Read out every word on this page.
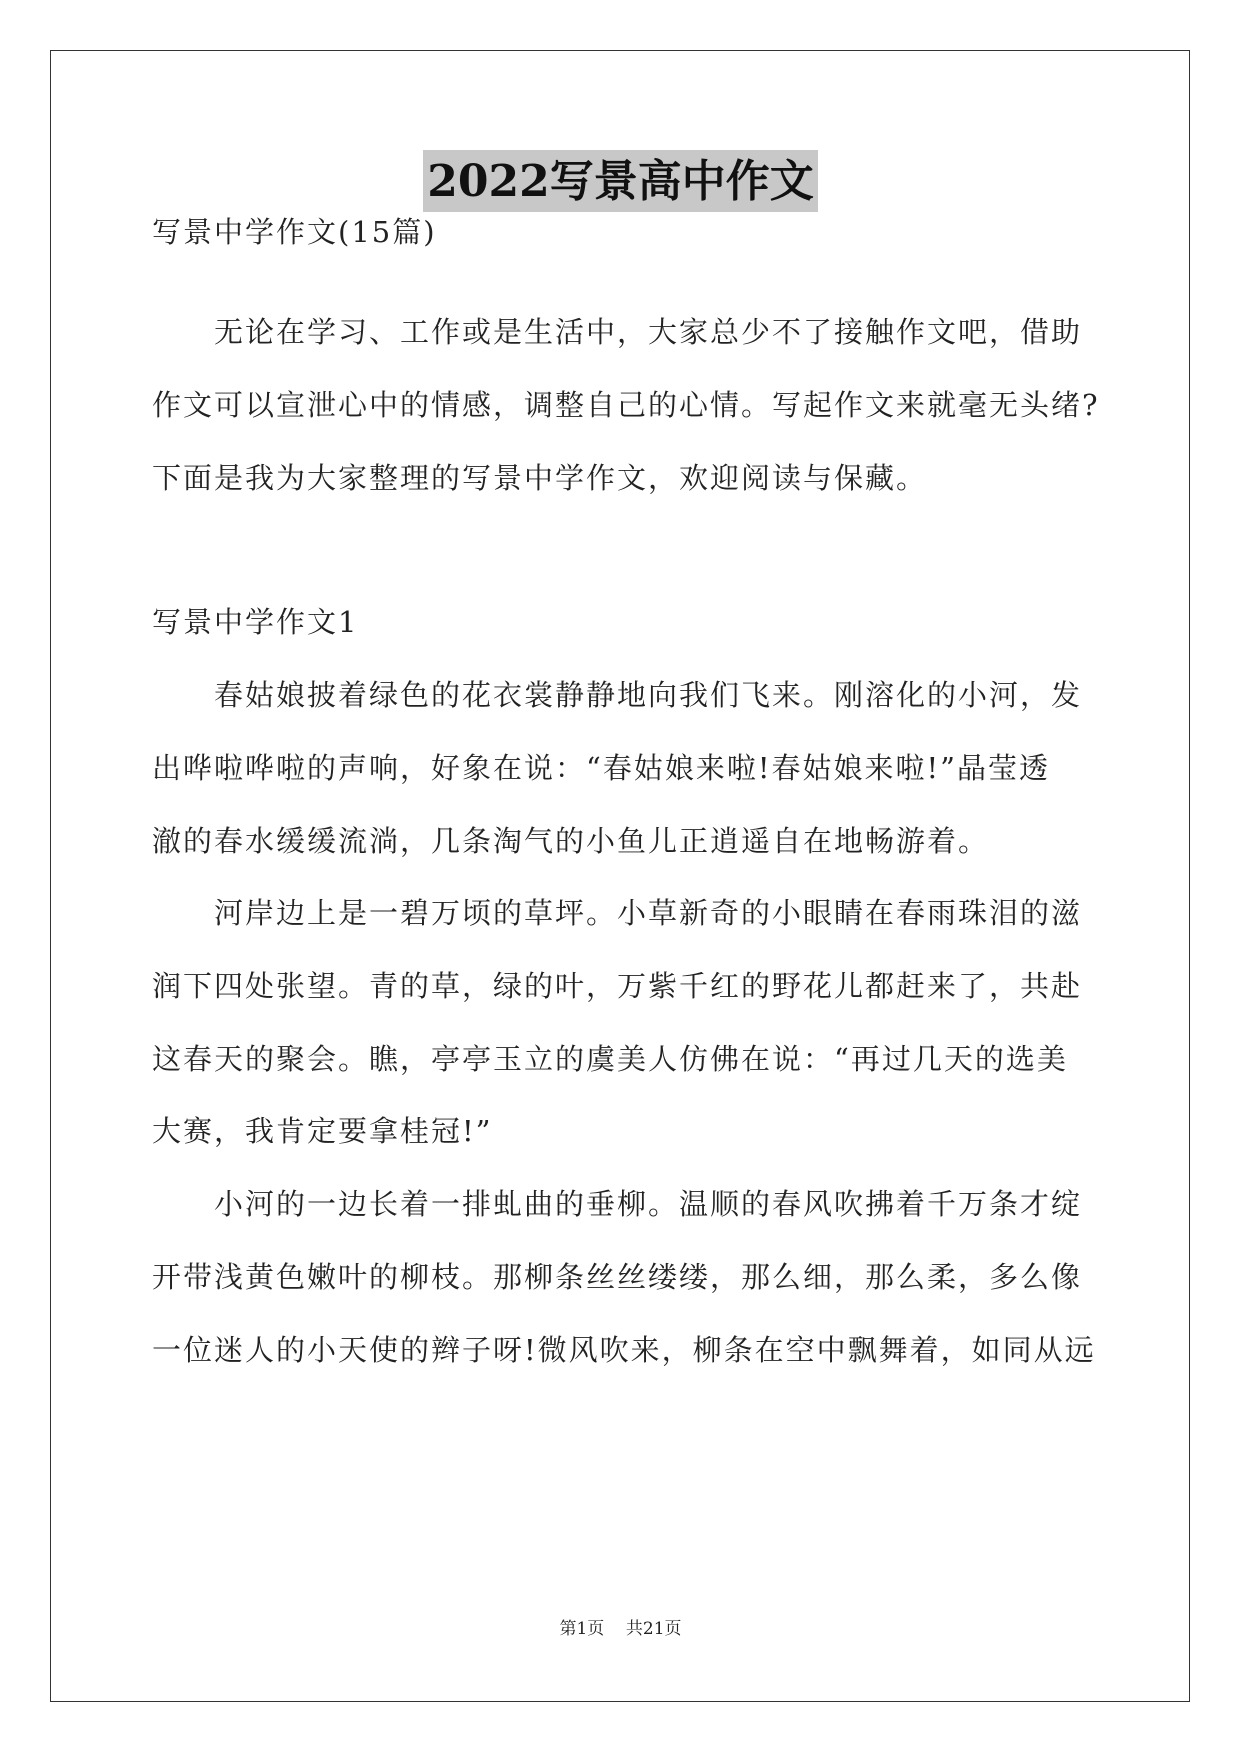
2022写景高中作文
写景中学作文(15篇)
无论在学习、工作或是生活中，大家总少不了接触作文吧，借助
作文可以宣泄心中的情感，调整自己的心情。写起作文来就毫无头绪?
下面是我为大家整理的写景中学作文，欢迎阅读与保藏。
写景中学作文1
春姑娘披着绿色的花衣裳静静地向我们飞来。刚溶化的小河，发
出哗啦哗啦的声响，好象在说：“春姑娘来啦!春姑娘来啦!”晶莹透
澈的春水缓缓流淌，几条淘气的小鱼儿正逍遥自在地畅游着。
河岸边上是一碧万顷的草坪。小草新奇的小眼睛在春雨珠泪的滋
润下四处张望。青的草，绿的叶，万紫千红的野花儿都赶来了，共赴
这春天的聚会。瞧，亭亭玉立的虞美人仿佛在说：“再过几天的选美
大赛，我肯定要拿桂冠!”
小河的一边长着一排虬曲的垂柳。温顺的春风吹拂着千万条才绽
开带浅黄色嫩叶的柳枝。那柳条丝丝缕缕，那么细，那么柔，多么像
一位迷人的小天使的辫子呀!微风吹来，柳条在空中飘舞着，如同从远
第1页 共21页
